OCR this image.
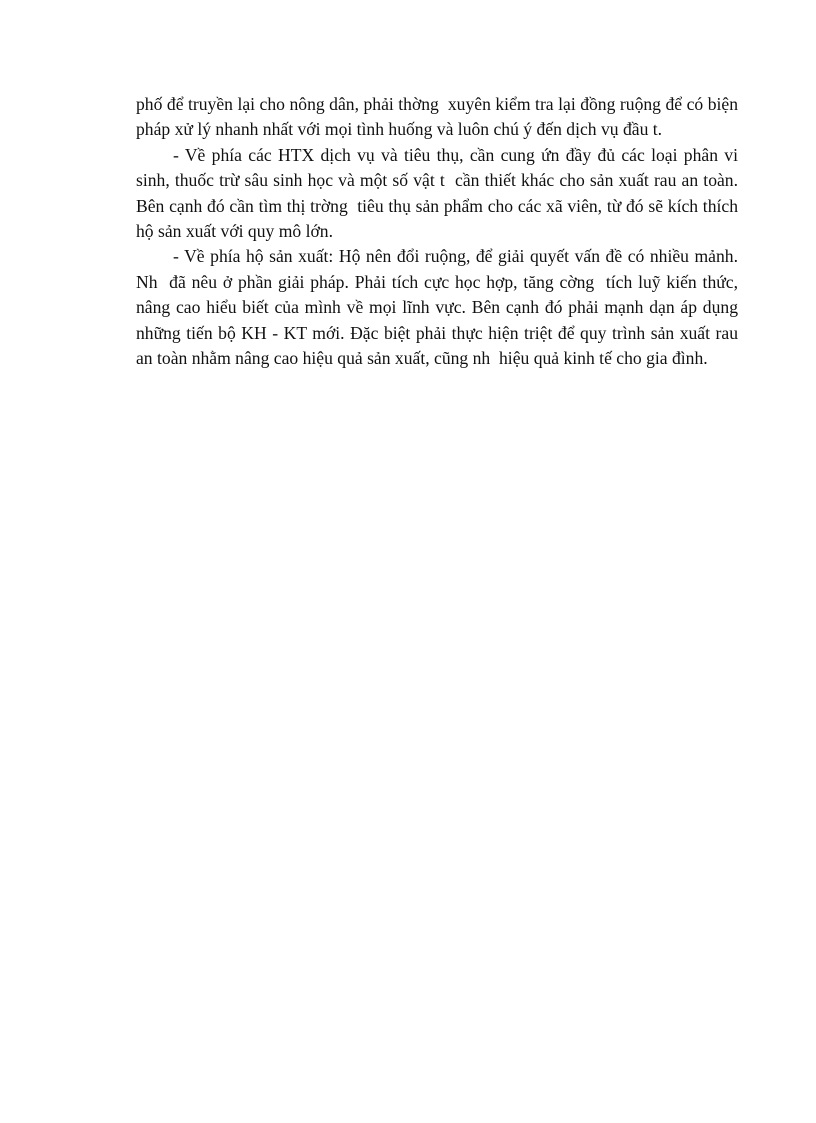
phố để truyền lại cho nông dân, phải thờng  xuyên kiểm tra lại đồng ruộng để có biện pháp xử lý nhanh nhất với mọi tình huống và luôn chú ý đến dịch vụ đầu t.

- Về phía các HTX dịch vụ và tiêu thụ, cần cung ứn đầy đủ các loại phân vi sinh, thuốc trừ sâu sinh học và một số vật t  cần thiết khác cho sản xuất rau an toàn. Bên cạnh đó cần tìm thị trờng  tiêu thụ sản phẩm cho các xã viên, từ đó sẽ kích thích hộ sản xuất với quy mô lớn.

- Về phía hộ sản xuất: Hộ nên đổi ruộng, để giải quyết vấn đề có nhiều mảnh. Nh  đã nêu ở phần giải pháp. Phải tích cực học hợp, tăng cờng  tích luỹ kiến thức, nâng cao hiểu biết của mình về mọi lĩnh vực. Bên cạnh đó phải mạnh dạn áp dụng những tiến bộ KH - KT mới. Đặc biệt phải thực hiện triệt để quy trình sản xuất rau an toàn nhằm nâng cao hiệu quả sản xuất, cũng nh  hiệu quả kinh tế cho gia đình.
